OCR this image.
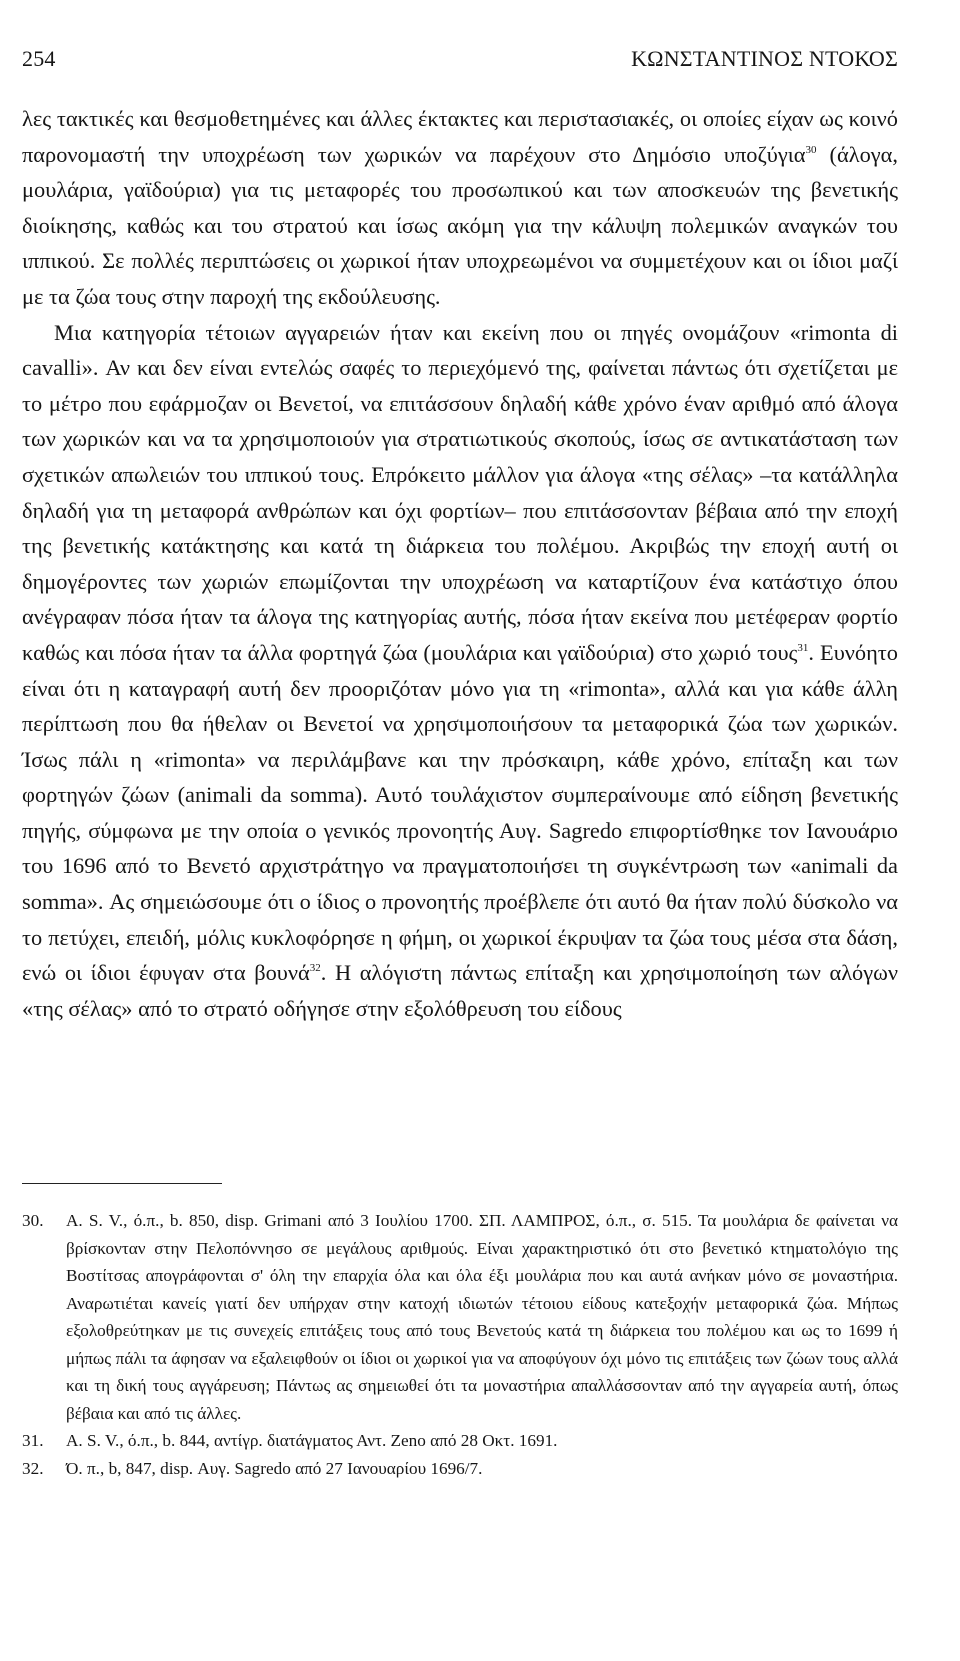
254	ΚΩΝΣΤΑΝΤΙΝΟΣ ΝΤΟΚΟΣ

λες τακτικές και θεσμοθετημένες και άλλες έκτακτες και περιστασιακές, οι οποίες είχαν ως κοινό παρονομαστή την υποχρέωση των χωρικών να παρέχουν στο Δημόσιο υποζύγια$^{30}$ (άλογα, μουλάρια, γαϊδούρια) για τις μεταφορές του προσωπικού και των αποσκευών της βενετικής διοίκησης, καθώς και του στρατού και ίσως ακόμη για την κάλυψη πολεμικών αναγκών του ιππικού. Σε πολλές περιπτώσεις οι χωρικοί ήταν υποχρεωμένοι να συμμετέχουν και οι ίδιοι μαζί με τα ζώα τους στην παροχή της εκδούλευσης.

Μια κατηγορία τέτοιων αγγαρειών ήταν και εκείνη που οι πηγές ονομάζουν «rimonta di cavalli». Αν και δεν είναι εντελώς σαφές το περιεχόμενό της, φαίνεται πάντως ότι σχετίζεται με το μέτρο που εφάρμοζαν οι Βενετοί, να επιτάσσουν δηλαδή κάθε χρόνο έναν αριθμό από άλογα των χωρικών και να τα χρησιμοποιούν για στρατιωτικούς σκοπούς, ίσως σε αντικατάσταση των σχετικών απωλειών του ιππικού τους. Επρόκειτο μάλλον για άλογα «της σέλας» –τα κατάλληλα δηλαδή για τη μεταφορά ανθρώπων και όχι φορτίων– που επιτάσσονταν βέβαια από την εποχή της βενετικής κατάκτησης και κατά τη διάρκεια του πολέμου. Ακριβώς την εποχή αυτή οι δημογέροντες των χωριών επωμίζονται την υποχρέωση να καταρτίζουν ένα κατάστιχο όπου ανέγραφαν πόσα ήταν τα άλογα της κατηγορίας αυτής, πόσα ήταν εκείνα που μετέφεραν φορτίο καθώς και πόσα ήταν τα άλλα φορτηγά ζώα (μουλάρια και γαϊδούρια) στο χωριό τους$^{31}$. Ευνόητο είναι ότι η καταγραφή αυτή δεν προοριζόταν μόνο για τη «rimonta», αλλά και για κάθε άλλη περίπτωση που θα ήθελαν οι Βενετοί να χρησιμοποιήσουν τα μεταφορικά ζώα των χωρικών. Ίσως πάλι η «rimonta» να περιλάμβανε και την πρόσκαιρη, κάθε χρόνο, επίταξη και των φορτηγών ζώων (animali da somma). Αυτό τουλάχιστον συμπεραίνουμε από είδηση βενετικής πηγής, σύμφωνα με την οποία ο γενικός προνοητής Αυγ. Sagredo επιφορτίσθηκε τον Ιανουάριο του 1696 από το Βενετό αρχιστράτηγο να πραγματοποιήσει τη συγκέντρωση των «animali da somma». Ας σημειώσουμε ότι ο ίδιος ο προνοητής προέβλεπε ότι αυτό θα ήταν πολύ δύσκολο να το πετύχει, επειδή, μόλις κυκλοφόρησε η φήμη, οι χωρικοί έκρυψαν τα ζώα τους μέσα στα δάση, ενώ οι ίδιοι έφυγαν στα βουνά$^{32}$. Η αλόγιστη πάντως επίταξη και χρησιμοποίηση των αλόγων «της σέλας» από το στρατό οδήγησε στην εξολόθρευση του είδους

30.	A. S. V., ό.π., b. 850, disp. Grimani από 3 Ιουλίου 1700. ΣΠ. ΛΑΜΠΡΟΣ, ό.π., σ. 515. Τα μουλάρια δε φαίνεται να βρίσκονταν στην Πελοπόννησο σε μεγάλους αριθμούς. Είναι χαρακτηριστικό ότι στο βενετικό κτηματολόγιο της Βοστίτσας απογράφονται σ' όλη την επαρχία όλα και όλα έξι μουλάρια που και αυτά ανήκαν μόνο σε μοναστήρια. Αναρωτιέται κανείς γιατί δεν υπήρχαν στην κατοχή ιδιωτών τέτοιου είδους κατεξοχήν μεταφορικά ζώα. Μήπως εξολοθρεύτηκαν με τις συνεχείς επιτάξεις τους από τους Βενετούς κατά τη διάρκεια του πολέμου και ως το 1699 ή μήπως πάλι τα άφησαν να εξαλειφθούν οι ίδιοι οι χωρικοί για να αποφύγουν όχι μόνο τις επιτάξεις των ζώων τους αλλά και τη δική τους αγγάρευση; Πάντως ας σημειωθεί ότι τα μοναστήρια απαλλάσσονταν από την αγγαρεία αυτή, όπως βέβαια και από τις άλλες.
31.	A. S. V., ό.π., b. 844, αντίγρ. διατάγματος Αντ. Zeno από 28 Οκτ. 1691.
32.	Ό. π., b, 847, disp. Αυγ. Sagredo από 27 Ιανουαρίου 1696/7.
